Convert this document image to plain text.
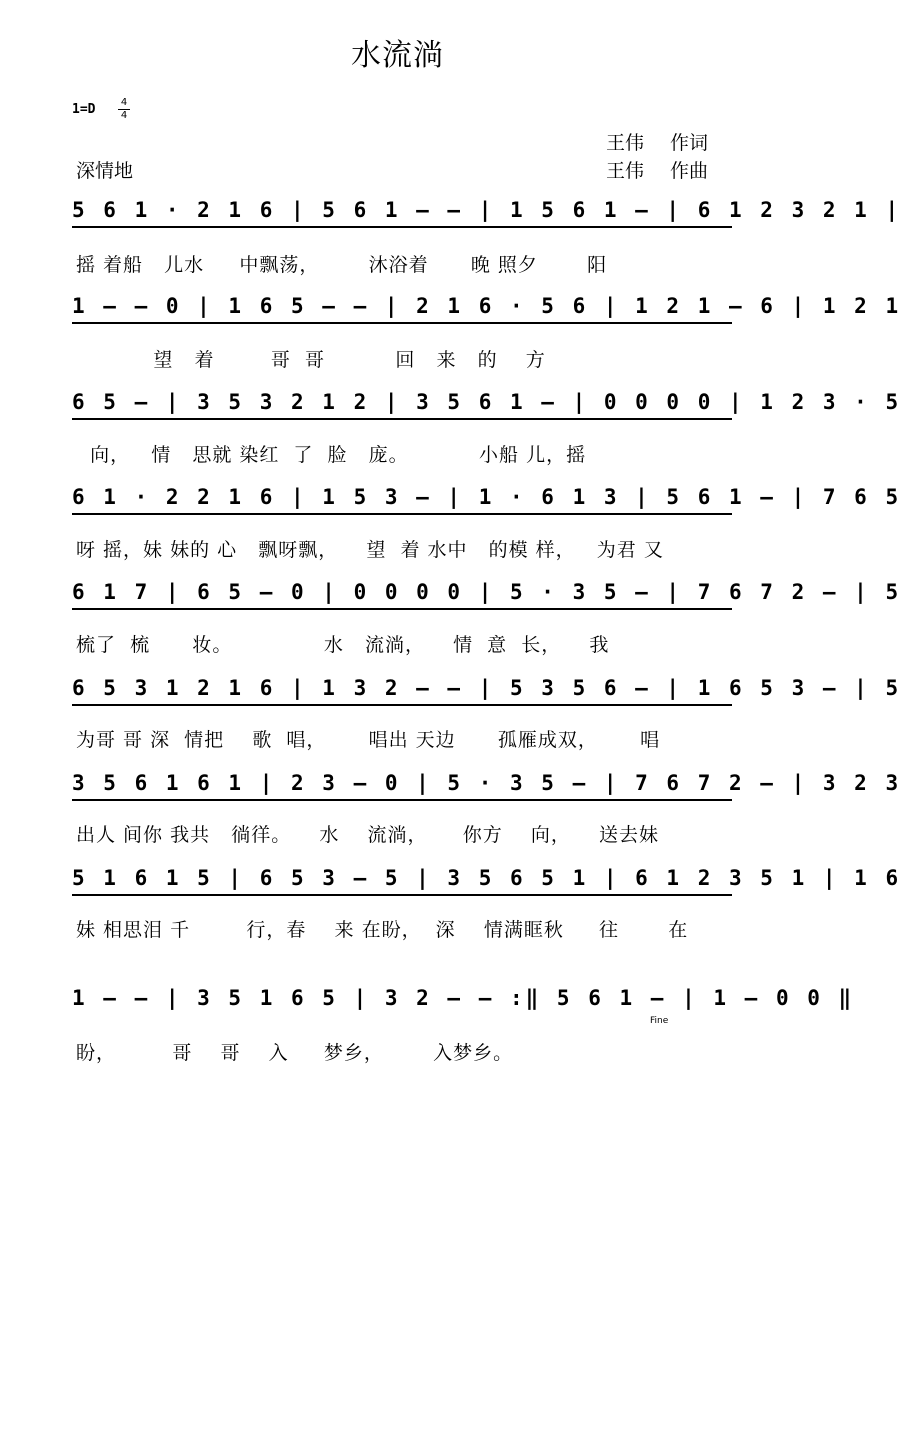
水流淌
1=D	4
4
王伟 作词
王伟 作曲
深情地
5 6 1 · 2 1 6 | 5 6 1 — — | 1 5 6 1 — | 6 1 2 3 2 1 |
摇 着船   儿水     中飘荡，       沐浴着      晚 照夕       阳
1 — — 0 | 1 6 5 — — | 2 1 6 · 5 6 | 1 2 1 — 6 | 1 2 1
望   着        哥  哥          回   来   的    方
6 5 — | 3 5 3 2 1 2 | 3 5 6 1 — | 0 0 0 0 | 1 2 3 · 5
向，   情   思就 染红  了  脸   庞。          小船 儿，摇
6 1 · 2 2 1 6 | 1 5 3 — | 1 · 6 1 3 | 5 6 1 — | 7 6 5
呀 摇，妹 妹的 心   飘呀飘，    望  着 水中   的模 样，   为君 又
6 1 7 | 6 5 — 0 | 0 0 0 0 | 5 · 3 5 — | 7 6 7 2 — | 5
梳了  梳      妆。             水   流淌，    情  意  长，    我
6 5 3 1 2 1 6 | 1 3 2 — — | 5 3 5 6 — | 1 6 5 3 — | 5
为哥 哥 深  情把    歌  唱，      唱出 天边      孤雁成双，      唱
3 5 6 1 6 1 | 2 3 — 0 | 5 · 3 5 — | 7 6 7 2 — | 3 2 3
出人 间你 我共   徜徉。    水    流淌，     你方    向，    送去妹
5 1 6 1 5 | 6 5 3 — 5 | 3 5 6 5 1 | 6 1 2 3 5 1 | 1 6
妹 相思泪 千        行，春    来 在盼，  深    情满眶秋     往       在
1 — — | 3 5 1 6 5 | 3 2 — — :‖ 5 6 1 — | 1 — 0 0 ‖
盼，        哥    哥    入     梦乡，       入梦乡。
Fine
